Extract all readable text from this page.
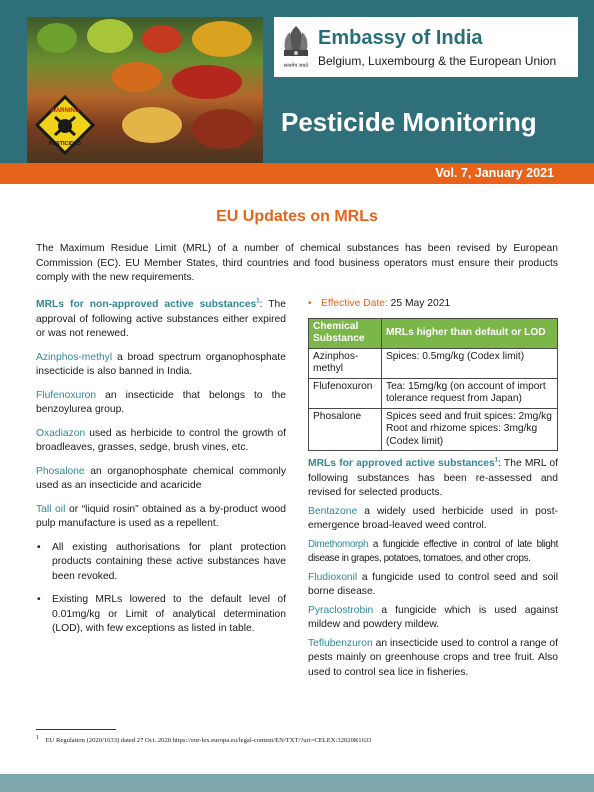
WARNING
PESTICIDES
सत्यमेव जयते
Embassy of India
Belgium, Luxembourg & the European Union
Pesticide Monitoring
Vol. 7, January 2021
EU Updates on MRLs
The Maximum Residue Limit (MRL) of a number of chemical substances has been revised by European Commission (EC). EU Member States, third countries and food business operators must ensure their products comply with the new requirements.

MRLs for non-approved active substances$^1$: The approval of following active substances either expired or was not renewed.

Azinphos-methyl a broad spectrum organophosphate insecticide is also banned in India.

Flufenoxuron an insecticide that belongs to the benzoylurea group.

Oxadiazon used as herbicide to control the growth of broadleaves, grasses, sedge, brush vines, etc.

Phosalone an organophosphate chemical commonly used as an insecticide and acaricide

Tall oil or “liquid rosin” obtained as a by-product wood pulp manufacture is used as a repellent.

• All existing authorisations for plant protection products containing these active substances have been revoked.
• Existing MRLs lowered to the default level of 0.01mg/kg or Limit of analytical determination (LOD), with few exceptions as listed in table.
• Effective Date: 25 May 2021
Chemical Substance	MRLs higher than default or LOD
Azinphos-methyl	Spices: 0.5mg/kg (Codex limit)
Flufenoxuron	Tea: 15mg/kg (on account of import tolerance request from Japan)
Phosalone	Spices seed and fruit spices: 2mg/kg Root and rhizome spices: 3mg/kg (Codex limit)

MRLs for approved active substances$^1$: The MRL of following substances has been re-assessed and revised for selected products.

Bentazone a widely used herbicide used in post-emergence broad-leaved weed control.

Dimethomorph a fungicide effective in control of late blight disease in grapes, potatoes, tomatoes, and other crops.

Fludioxonil a fungicide used to control seed and soil borne disease.

Pyraclostrobin a fungicide which is used against mildew and powdery mildew.

Teflubenzuron an insecticide used to control a range of pests mainly on greenhouse crops and tree fruit. Also used to control sea lice in fisheries.

$^1$ EU Regulation (2020/1633) dated 27 Oct. 2020 https://eur-lex.europa.eu/legal-content/EN/TXT/?uri=CELEX:32020R1633
